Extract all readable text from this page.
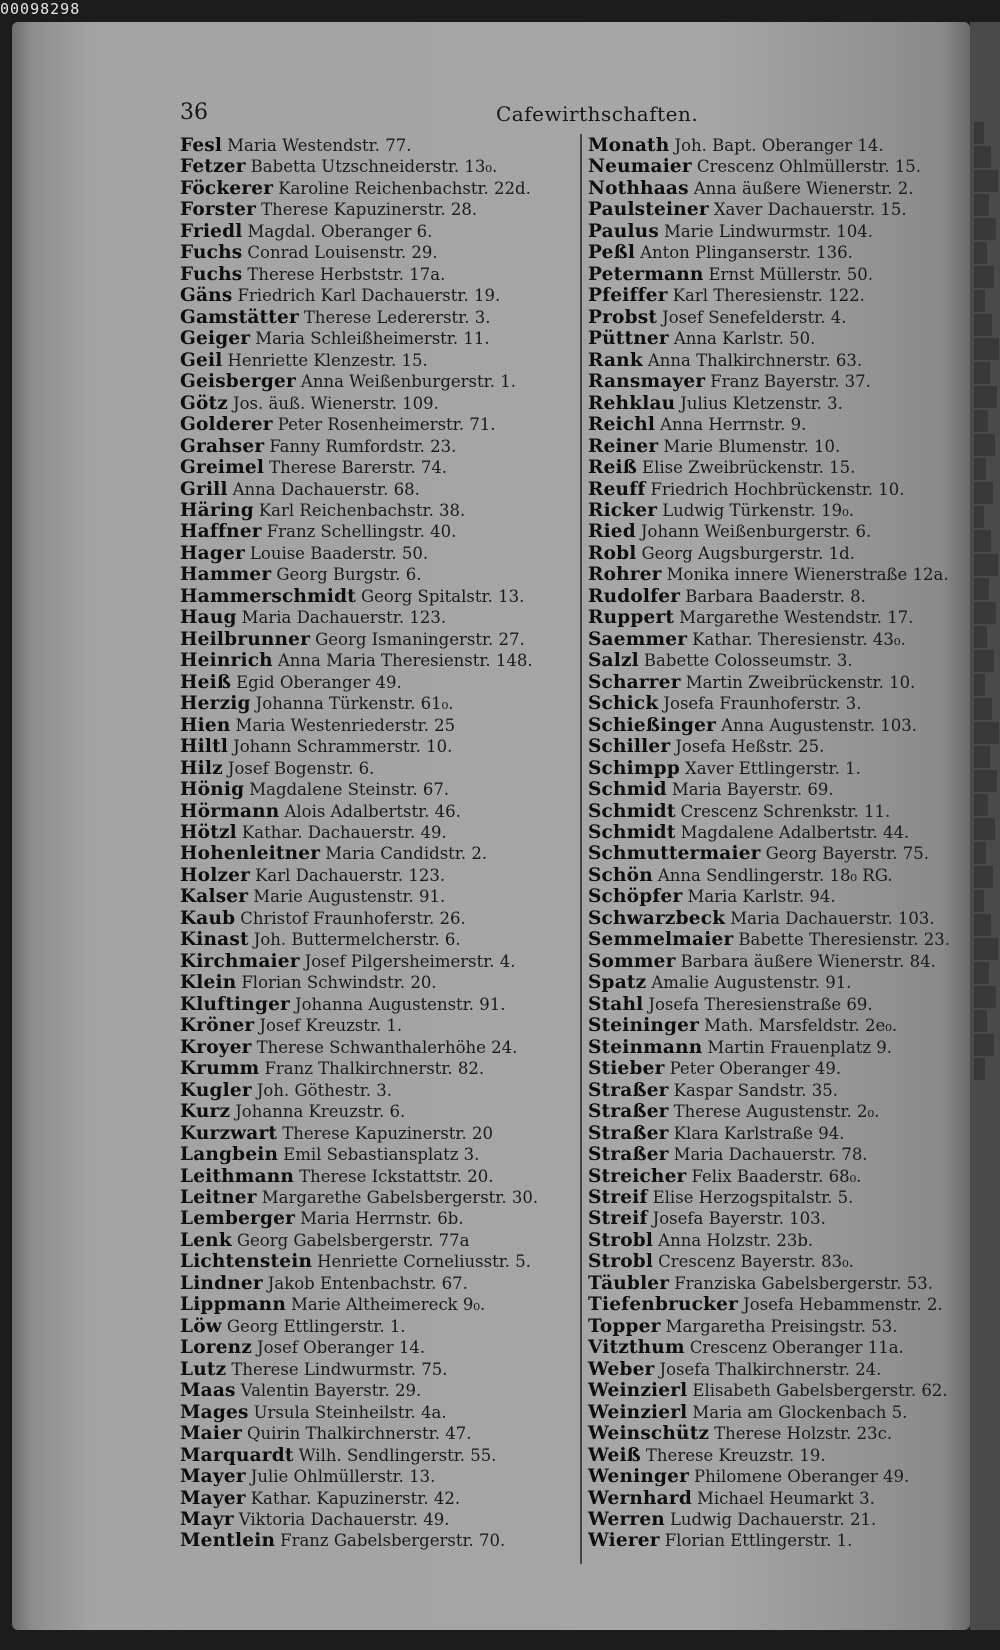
00098298
36	Cafewirthschaften.
Fesl Maria Westendstr. 77.
Fetzer Babetta Utzschneiderstr. 13₀.
Föckerer Karoline Reichenbachstr. 22d.
Forster Therese Kapuzinerstr. 28.
Friedl Magdal. Oberanger 6.
Fuchs Conrad Louisenstr. 29.
Fuchs Therese Herbststr. 17a.
Gäns Friedrich Karl Dachauerstr. 19.
Gamstätter Therese Ledererstr. 3.
Geiger Maria Schleißheimerstr. 11.
Geil Henriette Klenzestr. 15.
Geisberger Anna Weißenburgerstr. 1.
Götz Jos. äuß. Wienerstr. 109.
Golderer Peter Rosenheimerstr. 71.
Grahser Fanny Rumfordstr. 23.
Greimel Therese Barerstr. 74.
Grill Anna Dachauerstr. 68.
Häring Karl Reichenbachstr. 38.
Haffner Franz Schellingstr. 40.
Hager Louise Baaderstr. 50.
Hammer Georg Burgstr. 6.
Hammerschmidt Georg Spitalstr. 13.
Haug Maria Dachauerstr. 123.
Heilbrunner Georg Ismaningerstr. 27.
Heinrich Anna Maria Theresienstr. 148.
Heiß Egid Oberanger 49.
Herzig Johanna Türkenstr. 61₀.
Hien Maria Westenriederstr. 25
Hiltl Johann Schrammerstr. 10.
Hilz Josef Bogenstr. 6.
Hönig Magdalene Steinstr. 67.
Hörmann Alois Adalbertstr. 46.
Hötzl Kathar. Dachauerstr. 49.
Hohenleitner Maria Candidstr. 2.
Holzer Karl Dachauerstr. 123.
Kalser Marie Augustenstr. 91.
Kaub Christof Fraunhoferstr. 26.
Kinast Joh. Buttermelcherstr. 6.
Kirchmaier Josef Pilgersheimerstr. 4.
Klein Florian Schwindstr. 20.
Kluftinger Johanna Augustenstr. 91.
Kröner Josef Kreuzstr. 1.
Kroyer Therese Schwanthalerhöhe 24.
Krumm Franz Thalkirchnerstr. 82.
Kugler Joh. Göthestr. 3.
Kurz Johanna Kreuzstr. 6.
Kurzwart Therese Kapuzinerstr. 20
Langbein Emil Sebastiansplatz 3.
Leithmann Therese Ickstattstr. 20.
Leitner Margarethe Gabelsbergerstr. 30.
Lemberger Maria Herrnstr. 6b.
Lenk Georg Gabelsbergerstr. 77a
Lichtenstein Henriette Corneliusstr. 5.
Lindner Jakob Entenbachstr. 67.
Lippmann Marie Altheimereck 9₀.
Löw Georg Ettlingerstr. 1.
Lorenz Josef Oberanger 14.
Lutz Therese Lindwurmstr. 75.
Maas Valentin Bayerstr. 29.
Mages Ursula Steinheilstr. 4a.
Maier Quirin Thalkirchnerstr. 47.
Marquardt Wilh. Sendlingerstr. 55.
Mayer Julie Ohlmüllerstr. 13.
Mayer Kathar. Kapuzinerstr. 42.
Mayr Viktoria Dachauerstr. 49.
Mentlein Franz Gabelsbergerstr. 70.
Monath Joh. Bapt. Oberanger 14.
Neumaier Crescenz Ohlmüllerstr. 15.
Nothhaas Anna äußere Wienerstr. 2.
Paulsteiner Xaver Dachauerstr. 15.
Paulus Marie Lindwurmstr. 104.
Peßl Anton Plinganserstr. 136.
Petermann Ernst Müllerstr. 50.
Pfeiffer Karl Theresienstr. 122.
Probst Josef Senefelderstr. 4.
Püttner Anna Karlstr. 50.
Rank Anna Thalkirchnerstr. 63.
Ransmayer Franz Bayerstr. 37.
Rehklau Julius Kletzenstr. 3.
Reichl Anna Herrnstr. 9.
Reiner Marie Blumenstr. 10.
Reiß Elise Zweibrückenstr. 15.
Reuff Friedrich Hochbrückenstr. 10.
Ricker Ludwig Türkenstr. 19₀.
Ried Johann Weißenburgerstr. 6.
Robl Georg Augsburgerstr. 1d.
Rohrer Monika innere Wienerstraße 12a.
Rudolfer Barbara Baaderstr. 8.
Ruppert Margarethe Westendstr. 17.
Saemmer Kathar. Theresienstr. 43₀.
Salzl Babette Colosseumstr. 3.
Scharrer Martin Zweibrückenstr. 10.
Schick Josefa Fraunhoferstr. 3.
Schießinger Anna Augustenstr. 103.
Schiller Josefa Heßstr. 25.
Schimpp Xaver Ettlingerstr. 1.
Schmid Maria Bayerstr. 69.
Schmidt Crescenz Schrenkstr. 11.
Schmidt Magdalene Adalbertstr. 44.
Schmuttermaier Georg Bayerstr. 75.
Schön Anna Sendlingerstr. 18₀ RG.
Schöpfer Maria Karlstr. 94.
Schwarzbeck Maria Dachauerstr. 103.
Semmelmaier Babette Theresienstr. 23.
Sommer Barbara äußere Wienerstr. 84.
Spatz Amalie Augustenstr. 91.
Stahl Josefa Theresienstraße 69.
Steininger Math. Marsfeldstr. 2e₀.
Steinmann Martin Frauenplatz 9.
Stieber Peter Oberanger 49.
Straßer Kaspar Sandstr. 35.
Straßer Therese Augustenstr. 2₀.
Straßer Klara Karlstraße 94.
Straßer Maria Dachauerstr. 78.
Streicher Felix Baaderstr. 68₀.
Streif Elise Herzogspitalstr. 5.
Streif Josefa Bayerstr. 103.
Strobl Anna Holzstr. 23b.
Strobl Crescenz Bayerstr. 83₀.
Täubler Franziska Gabelsbergerstr. 53.
Tiefenbrucker Josefa Hebammenstr. 2.
Topper Margaretha Preisingstr. 53.
Vitzthum Crescenz Oberanger 11a.
Weber Josefa Thalkirchnerstr. 24.
Weinzierl Elisabeth Gabelsbergerstr. 62.
Weinzierl Maria am Glockenbach 5.
Weinschütz Therese Holzstr. 23c.
Weiß Therese Kreuzstr. 19.
Weninger Philomene Oberanger 49.
Wernhard Michael Heumarkt 3.
Werren Ludwig Dachauerstr. 21.
Wierer Florian Ettlingerstr. 1.
